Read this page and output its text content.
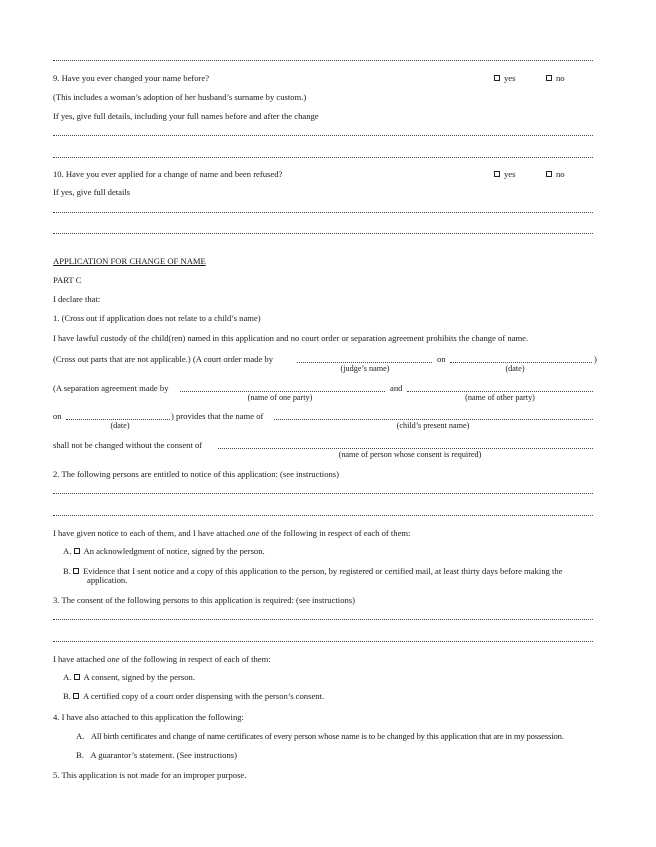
9. Have you ever changed your name before?	yes	no
(This includes a woman’s adoption of her husband’s surname by custom.)
If yes, give full details, including your full names before and after the change
10. Have you ever applied for a change of name and been refused?	yes	no
If yes, give full details
APPLICATION FOR CHANGE OF NAME
PART C
I declare that:
1. (Cross out if application does not relate to a child’s name)
I have lawful custody of the child(ren) named in this application and no court order or separation agreement prohibits the change of name.
(Cross out parts that are not applicable.) (A court order made by	on	)
(judge’s name)	(date)
(A separation agreement made by	and
(name of one party)	(name of other party)
on	) provides that the name of
(date)	(child’s present name)
shall not be changed without the consent of
(name of person whose consent is required)
2. The following persons are entitled to notice of this application: (see instructions)
I have given notice to each of them, and I have attached one of the following in respect of each of them:
A. An acknowledgment of notice, signed by the person.
B. Evidence that I sent notice and a copy of this application to the person, by registered or certified mail, at least thirty days before making the
application.
3. The consent of the following persons to this application is required: (see instructions)
I have attached one of the following in respect of each of them:
A. A consent, signed by the person.
B. A certified copy of a court order dispensing with the person’s consent.
4. I have also attached to this application the following:
A. All birth certificates and change of name certificates of every person whose name is to be changed by this application that are in my possession.
B. A guarantor’s statement. (See instructions)
5. This application is not made for an improper purpose.
